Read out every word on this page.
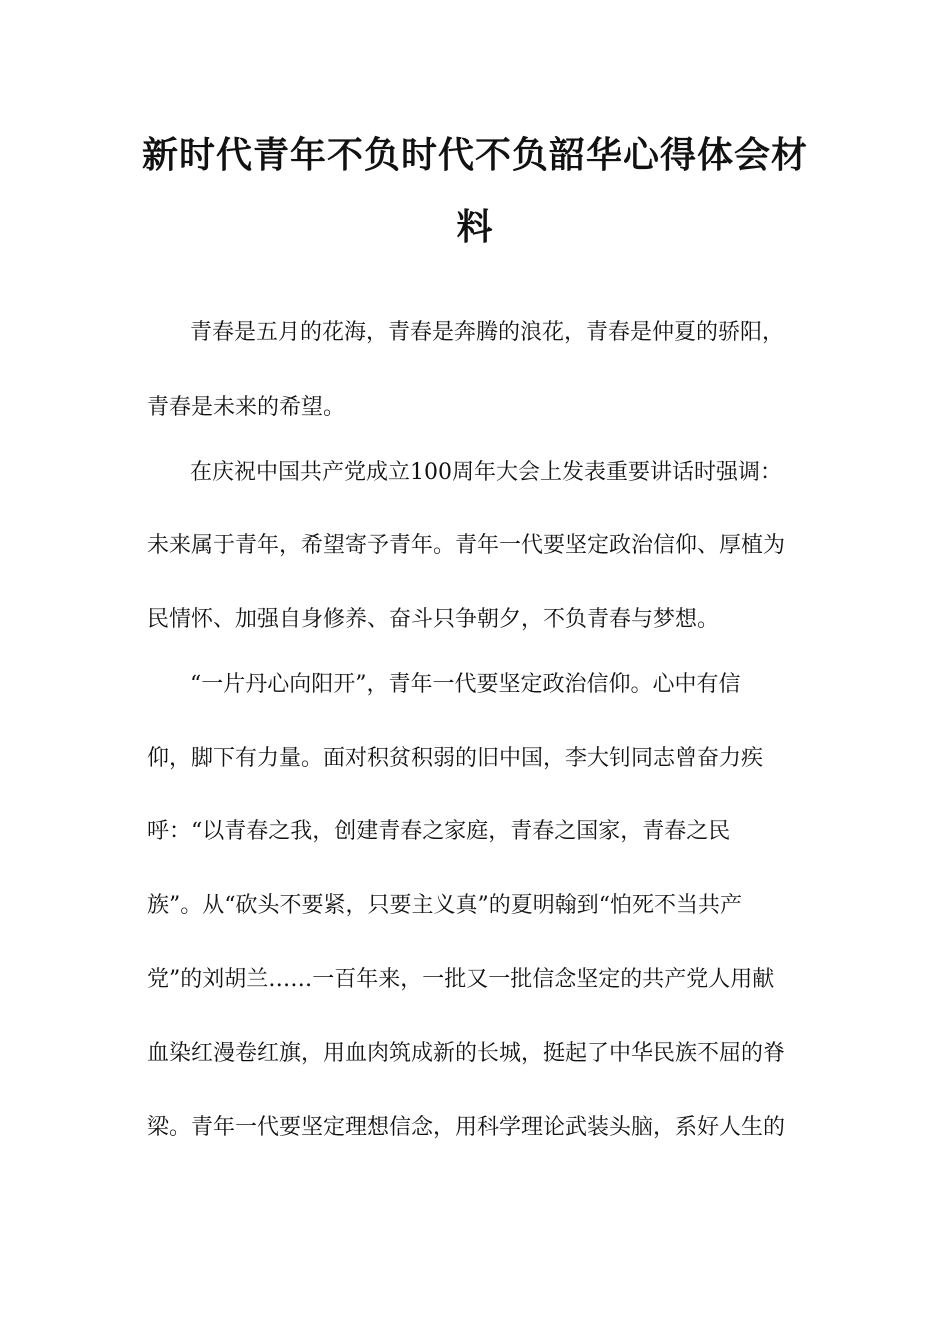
新时代青年不负时代不负韶华心得体会材
料

青春是五月的花海，青春是奔腾的浪花，青春是仲夏的骄阳，

青春是未来的希望。

在庆祝中国共产党成立100周年大会上发表重要讲话时强调：

未来属于青年，希望寄予青年。青年一代要坚定政治信仰、厚植为

民情怀、加强自身修养、奋斗只争朝夕，不负青春与梦想。

“一片丹心向阳开”，青年一代要坚定政治信仰。心中有信

仰，脚下有力量。面对积贫积弱的旧中国，李大钊同志曾奋力疾

呼：“以青春之我，创建青春之家庭，青春之国家，青春之民

族”。从“砍头不要紧，只要主义真”的夏明翰到“怕死不当共产

党”的刘胡兰……一百年来，一批又一批信念坚定的共产党人用献

血染红漫卷红旗，用血肉筑成新的长城，挺起了中华民族不屈的脊

梁。青年一代要坚定理想信念，用科学理论武装头脑，系好人生的
